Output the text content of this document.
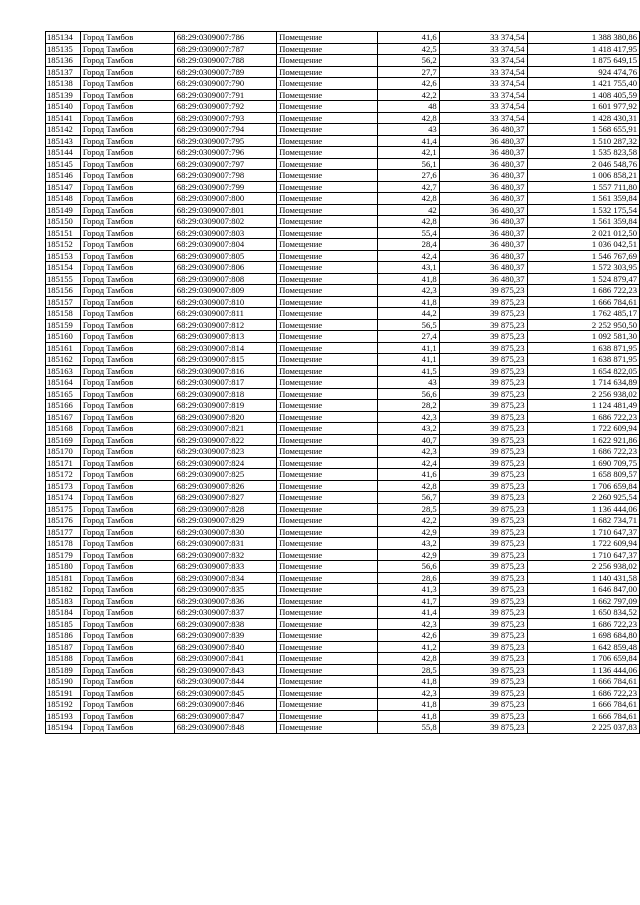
185134	Город Тамбов	68:29:0309007:786	Помещение	41,6	33 374,54	1 388 380,86
185135	Город Тамбов	68:29:0309007:787	Помещение	42,5	33 374,54	1 418 417,95
185136	Город Тамбов	68:29:0309007:788	Помещение	56,2	33 374,54	1 875 649,15
185137	Город Тамбов	68:29:0309007:789	Помещение	27,7	33 374,54	924 474,76
185138	Город Тамбов	68:29:0309007:790	Помещение	42,6	33 374,54	1 421 755,40
185139	Город Тамбов	68:29:0309007:791	Помещение	42,2	33 374,54	1 408 405,59
185140	Город Тамбов	68:29:0309007:792	Помещение	48	33 374,54	1 601 977,92
185141	Город Тамбов	68:29:0309007:793	Помещение	42,8	33 374,54	1 428 430,31
185142	Город Тамбов	68:29:0309007:794	Помещение	43	36 480,37	1 568 655,91
185143	Город Тамбов	68:29:0309007:795	Помещение	41,4	36 480,37	1 510 287,32
185144	Город Тамбов	68:29:0309007:796	Помещение	42,1	36 480,37	1 535 823,58
185145	Город Тамбов	68:29:0309007:797	Помещение	56,1	36 480,37	2 046 548,76
185146	Город Тамбов	68:29:0309007:798	Помещение	27,6	36 480,37	1 006 858,21
185147	Город Тамбов	68:29:0309007:799	Помещение	42,7	36 480,37	1 557 711,80
185148	Город Тамбов	68:29:0309007:800	Помещение	42,8	36 480,37	1 561 359,84
185149	Город Тамбов	68:29:0309007:801	Помещение	42	36 480,37	1 532 175,54
185150	Город Тамбов	68:29:0309007:802	Помещение	42,8	36 480,37	1 561 359,84
185151	Город Тамбов	68:29:0309007:803	Помещение	55,4	36 480,37	2 021 012,50
185152	Город Тамбов	68:29:0309007:804	Помещение	28,4	36 480,37	1 036 042,51
185153	Город Тамбов	68:29:0309007:805	Помещение	42,4	36 480,37	1 546 767,69
185154	Город Тамбов	68:29:0309007:806	Помещение	43,1	36 480,37	1 572 303,95
185155	Город Тамбов	68:29:0309007:808	Помещение	41,8	36 480,37	1 524 879,47
185156	Город Тамбов	68:29:0309007:809	Помещение	42,3	39 875,23	1 686 722,23
185157	Город Тамбов	68:29:0309007:810	Помещение	41,8	39 875,23	1 666 784,61
185158	Город Тамбов	68:29:0309007:811	Помещение	44,2	39 875,23	1 762 485,17
185159	Город Тамбов	68:29:0309007:812	Помещение	56,5	39 875,23	2 252 950,50
185160	Город Тамбов	68:29:0309007:813	Помещение	27,4	39 875,23	1 092 581,30
185161	Город Тамбов	68:29:0309007:814	Помещение	41,1	39 875,23	1 638 871,95
185162	Город Тамбов	68:29:0309007:815	Помещение	41,1	39 875,23	1 638 871,95
185163	Город Тамбов	68:29:0309007:816	Помещение	41,5	39 875,23	1 654 822,05
185164	Город Тамбов	68:29:0309007:817	Помещение	43	39 875,23	1 714 634,89
185165	Город Тамбов	68:29:0309007:818	Помещение	56,6	39 875,23	2 256 938,02
185166	Город Тамбов	68:29:0309007:819	Помещение	28,2	39 875,23	1 124 481,49
185167	Город Тамбов	68:29:0309007:820	Помещение	42,3	39 875,23	1 686 722,23
185168	Город Тамбов	68:29:0309007:821	Помещение	43,2	39 875,23	1 722 609,94
185169	Город Тамбов	68:29:0309007:822	Помещение	40,7	39 875,23	1 622 921,86
185170	Город Тамбов	68:29:0309007:823	Помещение	42,3	39 875,23	1 686 722,23
185171	Город Тамбов	68:29:0309007:824	Помещение	42,4	39 875,23	1 690 709,75
185172	Город Тамбов	68:29:0309007:825	Помещение	41,6	39 875,23	1 658 809,57
185173	Город Тамбов	68:29:0309007:826	Помещение	42,8	39 875,23	1 706 659,84
185174	Город Тамбов	68:29:0309007:827	Помещение	56,7	39 875,23	2 260 925,54
185175	Город Тамбов	68:29:0309007:828	Помещение	28,5	39 875,23	1 136 444,06
185176	Город Тамбов	68:29:0309007:829	Помещение	42,2	39 875,23	1 682 734,71
185177	Город Тамбов	68:29:0309007:830	Помещение	42,9	39 875,23	1 710 647,37
185178	Город Тамбов	68:29:0309007:831	Помещение	43,2	39 875,23	1 722 609,94
185179	Город Тамбов	68:29:0309007:832	Помещение	42,9	39 875,23	1 710 647,37
185180	Город Тамбов	68:29:0309007:833	Помещение	56,6	39 875,23	2 256 938,02
185181	Город Тамбов	68:29:0309007:834	Помещение	28,6	39 875,23	1 140 431,58
185182	Город Тамбов	68:29:0309007:835	Помещение	41,3	39 875,23	1 646 847,00
185183	Город Тамбов	68:29:0309007:836	Помещение	41,7	39 875,23	1 662 797,09
185184	Город Тамбов	68:29:0309007:837	Помещение	41,4	39 875,23	1 650 834,52
185185	Город Тамбов	68:29:0309007:838	Помещение	42,3	39 875,23	1 686 722,23
185186	Город Тамбов	68:29:0309007:839	Помещение	42,6	39 875,23	1 698 684,80
185187	Город Тамбов	68:29:0309007:840	Помещение	41,2	39 875,23	1 642 859,48
185188	Город Тамбов	68:29:0309007:841	Помещение	42,8	39 875,23	1 706 659,84
185189	Город Тамбов	68:29:0309007:843	Помещение	28,5	39 875,23	1 136 444,06
185190	Город Тамбов	68:29:0309007:844	Помещение	41,8	39 875,23	1 666 784,61
185191	Город Тамбов	68:29:0309007:845	Помещение	42,3	39 875,23	1 686 722,23
185192	Город Тамбов	68:29:0309007:846	Помещение	41,8	39 875,23	1 666 784,61
185193	Город Тамбов	68:29:0309007:847	Помещение	41,8	39 875,23	1 666 784,61
185194	Город Тамбов	68:29:0309007:848	Помещение	55,8	39 875,23	2 225 037,83
